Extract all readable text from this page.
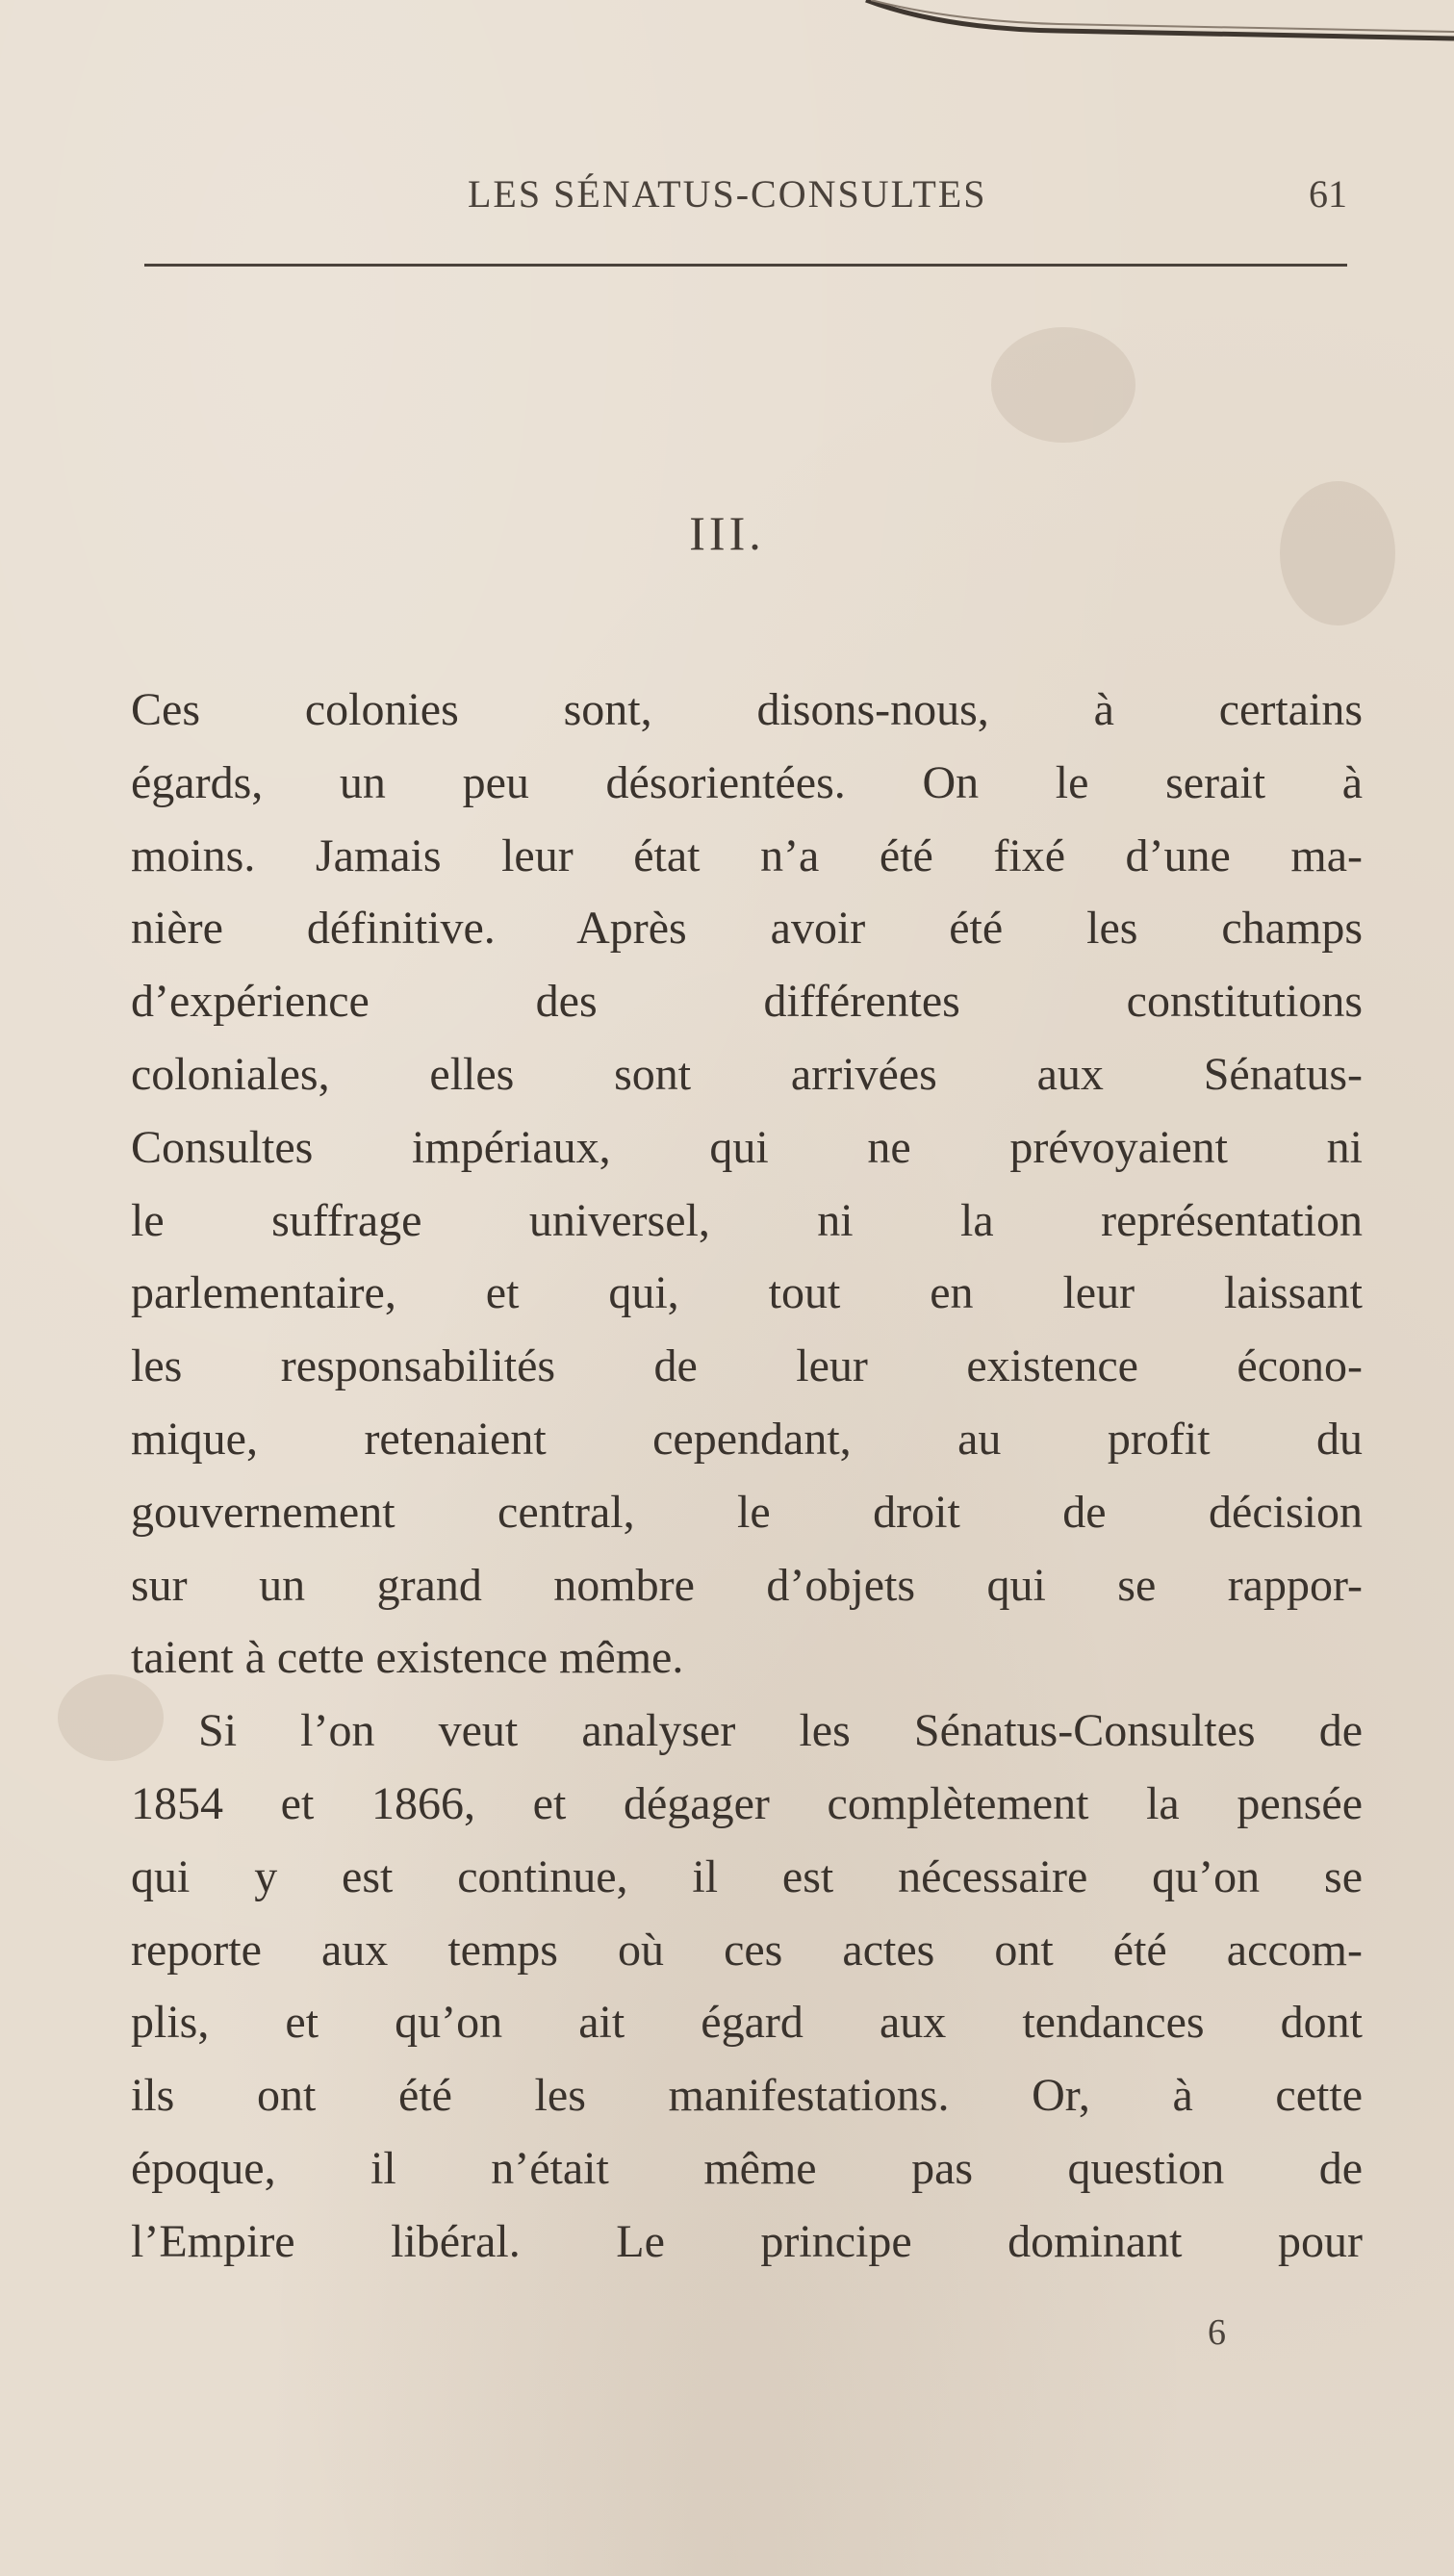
LES SÉNATUS-CONSULTES	61
III.
Ces colonies sont, disons-nous, à certains
égards, un peu désorientées. On le serait à
moins. Jamais leur état n’a été fixé d’une ma-
nière définitive. Après avoir été les champs
d’expérience des différentes constitutions
coloniales, elles sont arrivées aux Sénatus-
Consultes impériaux, qui ne prévoyaient ni
le suffrage universel, ni la représentation
parlementaire, et qui, tout en leur laissant
les responsabilités de leur existence écono-
mique, retenaient cependant, au profit du
gouvernement central, le droit de décision
sur un grand nombre d’objets qui se rappor-
taient à cette existence même.
Si l’on veut analyser les Sénatus-Consultes de
1854 et 1866, et dégager complètement la pensée
qui y est continue, il est nécessaire qu’on se
reporte aux temps où ces actes ont été accom-
plis, et qu’on ait égard aux tendances dont
ils ont été les manifestations. Or, à cette
époque, il n’était même pas question de
l’Empire libéral. Le principe dominant pour
6
